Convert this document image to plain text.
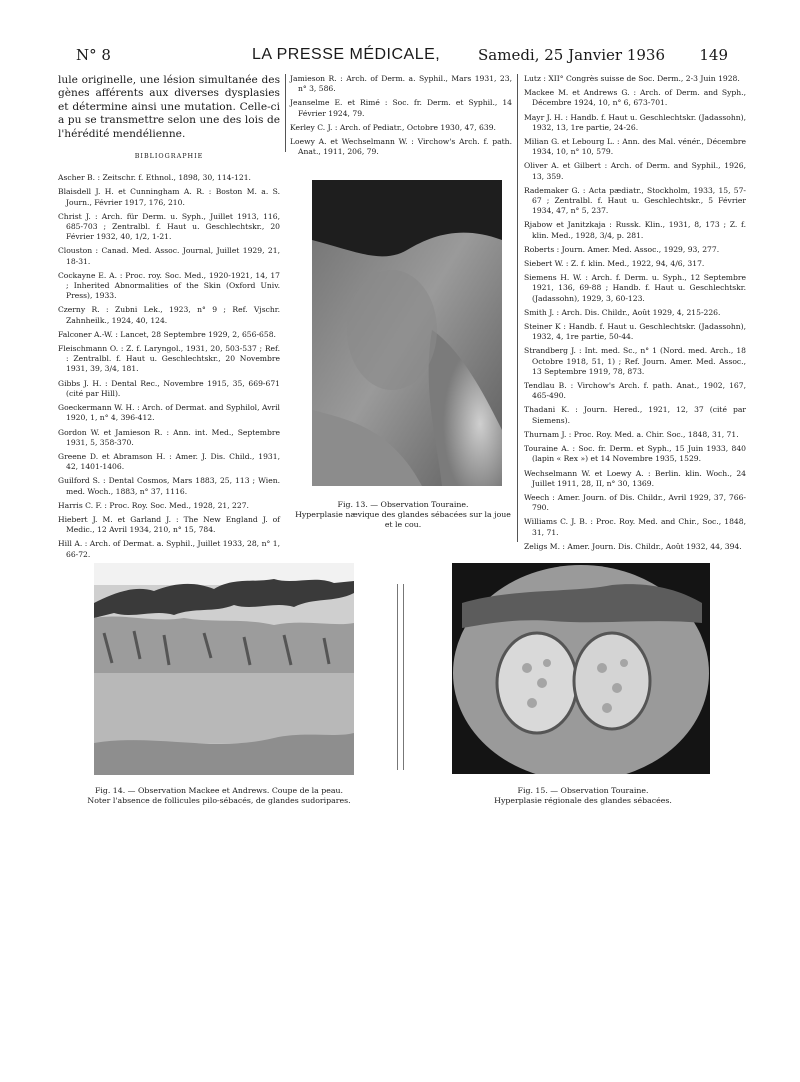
N° 8	LA PRESSE MÉDICALE,	Samedi, 25 Janvier 1936 149

lule originelle, une lésion simultanée des gènes afférents aux diverses dysplasies et détermine ainsi une mutation. Celle-ci a pu se transmettre selon une des lois de l'hérédité mendélienne.

BIBLIOGRAPHIE

Ascher B. : Zeitschr. f. Ethnol., 1898, 30, 114-121.

Blaisdell J. H. et Cunningham A. R. : Boston M. a. S. Journ., Février 1917, 176, 210.

Christ J. : Arch. für Derm. u. Syph., Juillet 1913, 116, 685-703 ; Zentralbl. f. Haut u. Geschlechtskr., 20 Février 1932, 40, 1/2, 1-21.

Clouston : Canad. Med. Assoc. Journal, Juillet 1929, 21, 18-31.

Cockayne E. A. : Proc. roy. Soc. Med., 1920-1921, 14, 17 ; Inherited Abnormalities of the Skin (Oxford Univ. Press), 1933.

Czerny R. : Zubni Lek., 1923, n° 9 ; Ref. Vjschr. Zahnheilk., 1924, 40, 124.

Falconer A.-W. : Lancet, 28 Septembre 1929, 2, 656-658.

Fleischmann O. : Z. f. Laryngol., 1931, 20, 503-537 ; Ref. : Zentralbl. f. Haut u. Geschlechtskr., 20 Novembre 1931, 39, 3/4, 181.

Gibbs J. H. : Dental Rec., Novembre 1915, 35, 669-671 (cité par Hill).

Goeckermann W. H. : Arch. of Dermat. and Syphilol, Avril 1920, 1, n° 4, 396-412.

Gordon W. et Jamieson R. : Ann. int. Med., Septembre 1931, 5, 358-370.

Greene D. et Abramson H. : Amer. J. Dis. Child., 1931, 42, 1401-1406.

Guilford S. : Dental Cosmos, Mars 1883, 25, 113 ; Wien. med. Woch., 1883, n° 37, 1116.

Harris C. F. : Proc. Roy. Soc. Med., 1928, 21, 227.

Hiebert J. M. et Garland J. : The New England J. of Medic., 12 Avril 1934, 210, n° 15, 784.

Hill A. : Arch. of Dermat. a. Syphil., Juillet 1933, 28, n° 1, 66-72.

Jamieson R. : Arch. of Derm. a. Syphil., Mars 1931, 23, n° 3, 586.

Jeanselme E. et Rimé : Soc. fr. Derm. et Syphil., 14 Février 1924, 79.

Kerley C. J. : Arch. of Pediatr., Octobre 1930, 47, 639.

Loewy A. et Wechselmann W. : Virchow's Arch. f. path. Anat., 1911, 206, 79.

Lutz : XII° Congrès suisse de Soc. Derm., 2-3 Juin 1928.

Mackee M. et Andrews G. : Arch. of Derm. and Syph., Décembre 1924, 10, n° 6, 673-701.

Mayr J. H. : Handb. f. Haut u. Geschlechtskr. (Jadassohn), 1932, 13, 1re partie, 24-26.

Milian G. et Lebourg L. : Ann. des Mal. vénér., Décembre 1934, 10, n° 10, 579.

Oliver A. et Gilbert : Arch. of Derm. and Syphil., 1926, 13, 359.

Rademaker G. : Acta pædiatr., Stockholm, 1933, 15, 57-67 ; Zentralbl. f. Haut u. Geschlechtskr., 5 Février 1934, 47, n° 5, 237.

Rjabow et Janitzkaja : Russk. Klin., 1931, 8, 173 ; Z. f. klin. Med., 1928, 3/4, p. 281.

Roberts : Journ. Amer. Med. Assoc., 1929, 93, 277.

Siebert W. : Z. f. klin. Med., 1922, 94, 4/6, 317.

Siemens H. W. : Arch. f. Derm. u. Syph., 12 Septembre 1921, 136, 69-88 ; Handb. f. Haut u. Geschlechtskr. (Jadassohn), 1929, 3, 60-123.

Smith J. : Arch. Dis. Childr., Août 1929, 4, 215-226.

Steiner K : Handb. f. Haut u. Geschlechtskr. (Jadassohn), 1932, 4, 1re partie, 50-44.

Strandberg J. : Int. med. Sc., n° 1 (Nord. med. Arch., 18 Octobre 1918, 51, 1) ; Ref. Journ. Amer. Med. Assoc., 13 Septembre 1919, 78, 873.

Tendlau B. : Virchow's Arch. f. path. Anat., 1902, 167, 465-490.

Thadani K. : Journ. Hered., 1921, 12, 37 (cité par Siemens).

Thurnam J. : Proc. Roy. Med. a. Chir. Soc., 1848, 31, 71.

Touraine A. : Soc. fr. Derm. et Syph., 15 Juin 1933, 840 (lapin « Rex ») et 14 Novembre 1935, 1529.

Wechselmann W. et Loewy A. : Berlin. klin. Woch., 24 Juillet 1911, 28, II, n° 30, 1369.

Weech : Amer. Journ. of Dis. Childr., Avril 1929, 37, 766-790.

Williams C. J. B. : Proc. Roy. Med. and Chir., Soc., 1848, 31, 71.

Zeligs M. : Amer. Journ. Dis. Childr., Août 1932, 44, 394.

Fig. 13. — Observation Touraine.
Hyperplasie nævique des glandes sébacées sur la joue et le cou.
Fig. 14. — Observation Mackee et Andrews. Coupe de la peau.
Noter l'absence de follicules pilo-sébacés, de glandes sudoripares.
Fig. 15. — Observation Touraine.
Hyperplasie régionale des glandes sébacées.
